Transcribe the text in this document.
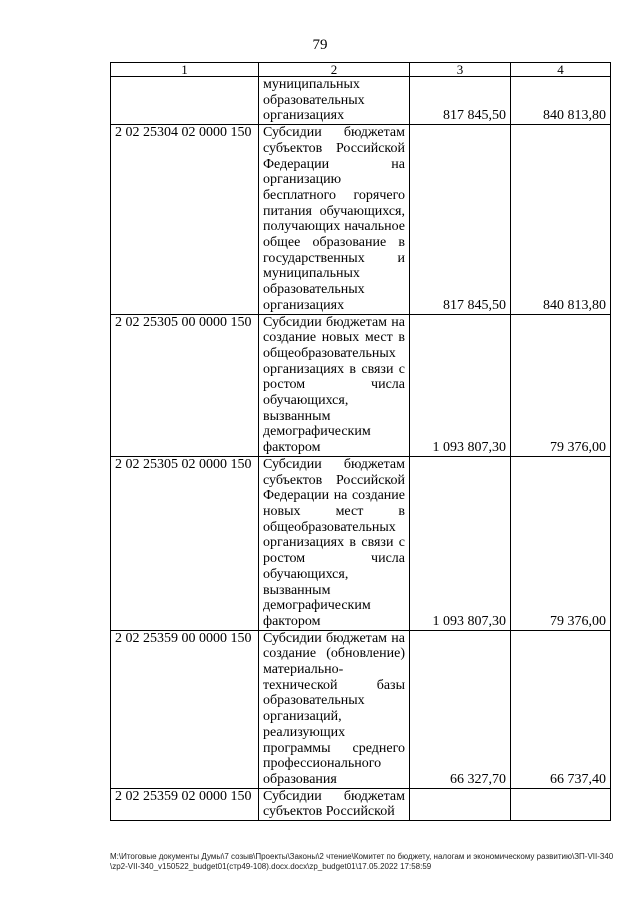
79
1	2	3	4
	муниципальных образовательных организациях	817 845,50	840 813,80
2 02 25304 02 0000 150	Субсидии бюджетам субъектов Российской Федерации на организацию бесплатного горячего питания обучающихся, получающих начальное общее образование в государственных и муниципальных образовательных организациях	817 845,50	840 813,80
2 02 25305 00 0000 150	Субсидии бюджетам на создание новых мест в общеобразовательных организациях в связи с ростом числа обучающихся, вызванным демографическим фактором	1 093 807,30	79 376,00
2 02 25305 02 0000 150	Субсидии бюджетам субъектов Российской Федерации на создание новых мест в общеобразовательных организациях в связи с ростом числа обучающихся, вызванным демографическим фактором	1 093 807,30	79 376,00
2 02 25359 00 0000 150	Субсидии бюджетам на создание (обновление) материально-технической базы образовательных организаций, реализующих программы среднего профессионального образования	66 327,70	66 737,40
2 02 25359 02 0000 150	Субсидии бюджетам субъектов Российской		
M:\Итоговые документы Думы\7 созыв\Проекты\Законы\2 чтение\Комитет по бюджету, налогам и экономическому развитию\ЗП-VII-340\zp2-VII-340_v150522_budget01(стр49-108).docx.docx\zp_budget01\17.05.2022 17:58:59
